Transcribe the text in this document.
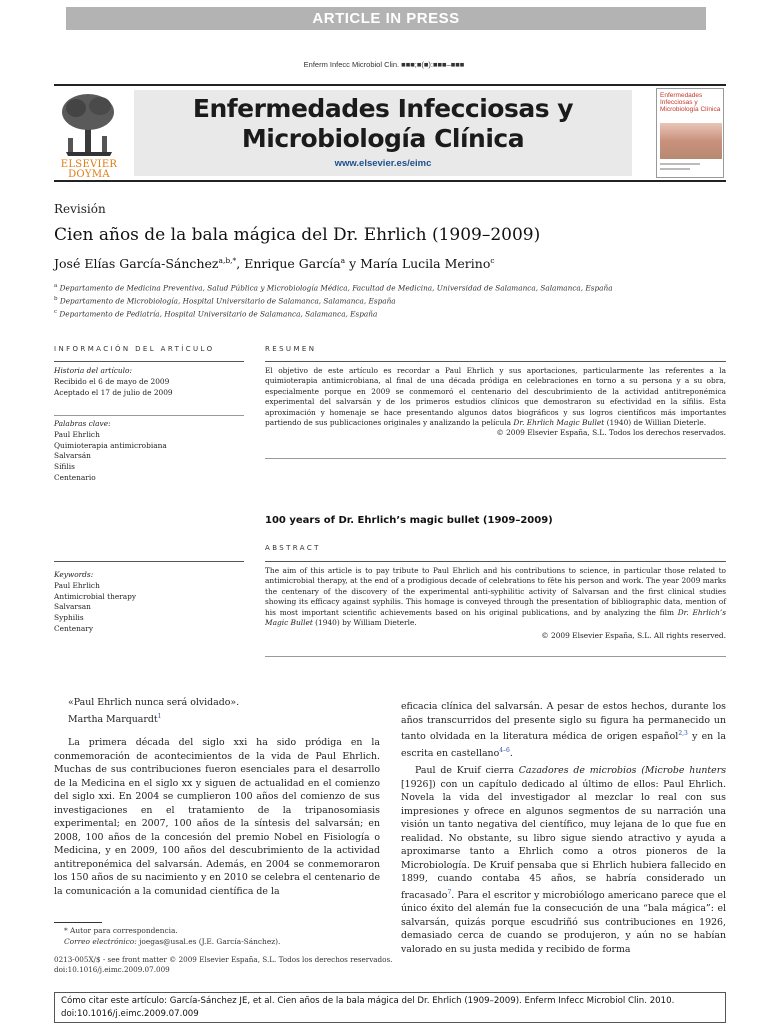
ARTICLE IN PRESS
Enferm Infecc Microbiol Clin. ■■■;■(■):■■■–■■■
ELSEVIER
DOYMA
Enfermedades Infecciosas y
Microbiología Clínica
www.elsevier.es/eimc
Enfermedades Infecciosas y Microbiología Clínica
Revisión
Cien años de la bala mágica del Dr. Ehrlich (1909–2009)
José Elías García-Sánchez$^{a,b,*}$, Enrique García$^a$ y María Lucila Merino$^c$
$^a$ Departamento de Medicina Preventiva, Salud Pública y Microbiología Médica, Facultad de Medicina, Universidad de Salamanca, Salamanca, España
$^b$ Departamento de Microbiología, Hospital Universitario de Salamanca, Salamanca, España
$^c$ Departamento de Pediatría, Hospital Universitario de Salamanca, Salamanca, España
INFORMACIÓN DEL ARTÍCULO
Historia del artículo:
Recibido el 6 de mayo de 2009
Aceptado el 17 de julio de 2009
Palabras clave:
Paul Ehrlich
Quimioterapia antimicrobiana
Salvarsán
Sífilis
Centenario
RESUMEN
El objetivo de este artículo es recordar a Paul Ehrlich y sus aportaciones, particularmente las referentes a la quimioterapia antimicrobiana, al final de una década pródiga en celebraciones en torno a su persona y a su obra, especialmente porque en 2009 se conmemoró el centenario del descubrimiento de la actividad antitreponémica experimental del salvarsán y de los primeros estudios clínicos que demostraron su efectividad en la sífilis. Esta aproximación y homenaje se hace presentando algunos datos biográficos y sus logros científicos más importantes partiendo de sus publicaciones originales y analizando la película Dr. Ehrlich Magic Bullet (1940) de Willian Dieterle.
© 2009 Elsevier España, S.L. Todos los derechos reservados.
100 years of Dr. Ehrlich’s magic bullet (1909–2009)
ABSTRACT
Keywords:
Paul Ehrlich
Antimicrobial therapy
Salvarsan
Syphilis
Centenary
The aim of this article is to pay tribute to Paul Ehrlich and his contributions to science, in particular those related to antimicrobial therapy, at the end of a prodigious decade of celebrations to fête his person and work. The year 2009 marks the centenary of the discovery of the experimental anti-syphilitic activity of Salvarsan and the first clinical studies showing its efficacy against syphilis. This homage is conveyed through the presentation of bibliographic data, mention of his most important scientific achievements based on his original publications, and by analyzing the film Dr. Ehrlich’s Magic Bullet (1940) by William Dieterle.
© 2009 Elsevier España, S.L. All rights reserved.

«Paul Ehrlich nunca será olvidado».

Martha Marquardt$^1$

La primera década del siglo xxi ha sido pródiga en la conmemoración de acontecimientos de la vida de Paul Ehrlich. Muchas de sus contribuciones fueron esenciales para el desarrollo de la Medicina en el siglo xx y siguen de actualidad en el comienzo del siglo xxi. En 2004 se cumplieron 100 años del comienzo de sus investigaciones en el tratamiento de la tripanosomiasis experimental; en 2007, 100 años de la síntesis del salvarsán; en 2008, 100 años de la concesión del premio Nobel en Fisiología o Medicina, y en 2009, 100 años del descubrimiento de la actividad antitreponémica del salvarsán. Además, en 2004 se conmemoraron los 150 años de su nacimiento y en 2010 se celebra el centenario de la comunicación a la comunidad científica de la

eficacia clínica del salvarsán. A pesar de estos hechos, durante los años transcurridos del presente siglo su figura ha permanecido un tanto olvidada en la literatura médica de origen español$^{2,3}$ y en la escrita en castellano$^{4-6}$.

Paul de Kruif cierra Cazadores de microbios (Microbe hunters [1926]) con un capítulo dedicado al último de ellos: Paul Ehrlich. Novela la vida del investigador al mezclar lo real con sus impresiones y ofrece en algunos segmentos de su narración una visión un tanto negativa del científico, muy lejana de lo que fue en realidad. No obstante, su libro sigue siendo atractivo y ayuda a aproximarse tanto a Ehrlich como a otros pioneros de la Microbiología. De Kruif pensaba que si Ehrlich hubiera fallecido en 1899, cuando contaba 45 años, se habría considerado un fracasado$^7$. Para el escritor y microbiólogo americano parece que el único éxito del alemán fue la consecución de una “bala mágica”: el salvarsán, quizás porque escudriñó sus contribuciones en 1926, demasiado cerca de cuando se produjeron, y aún no se habían valorado en su justa medida y recibido de forma

* Autor para correspondencia.
Correo electrónico: joegas@usal.es (J.E. García-Sánchez).
0213-005X/$ - see front matter © 2009 Elsevier España, S.L. Todos los derechos reservados.
doi:10.1016/j.eimc.2009.07.009
Cómo citar este artículo: García-Sánchez JE, et al. Cien años de la bala mágica del Dr. Ehrlich (1909–2009). Enferm Infecc Microbiol Clin. 2010. doi:10.1016/j.eimc.2009.07.009
